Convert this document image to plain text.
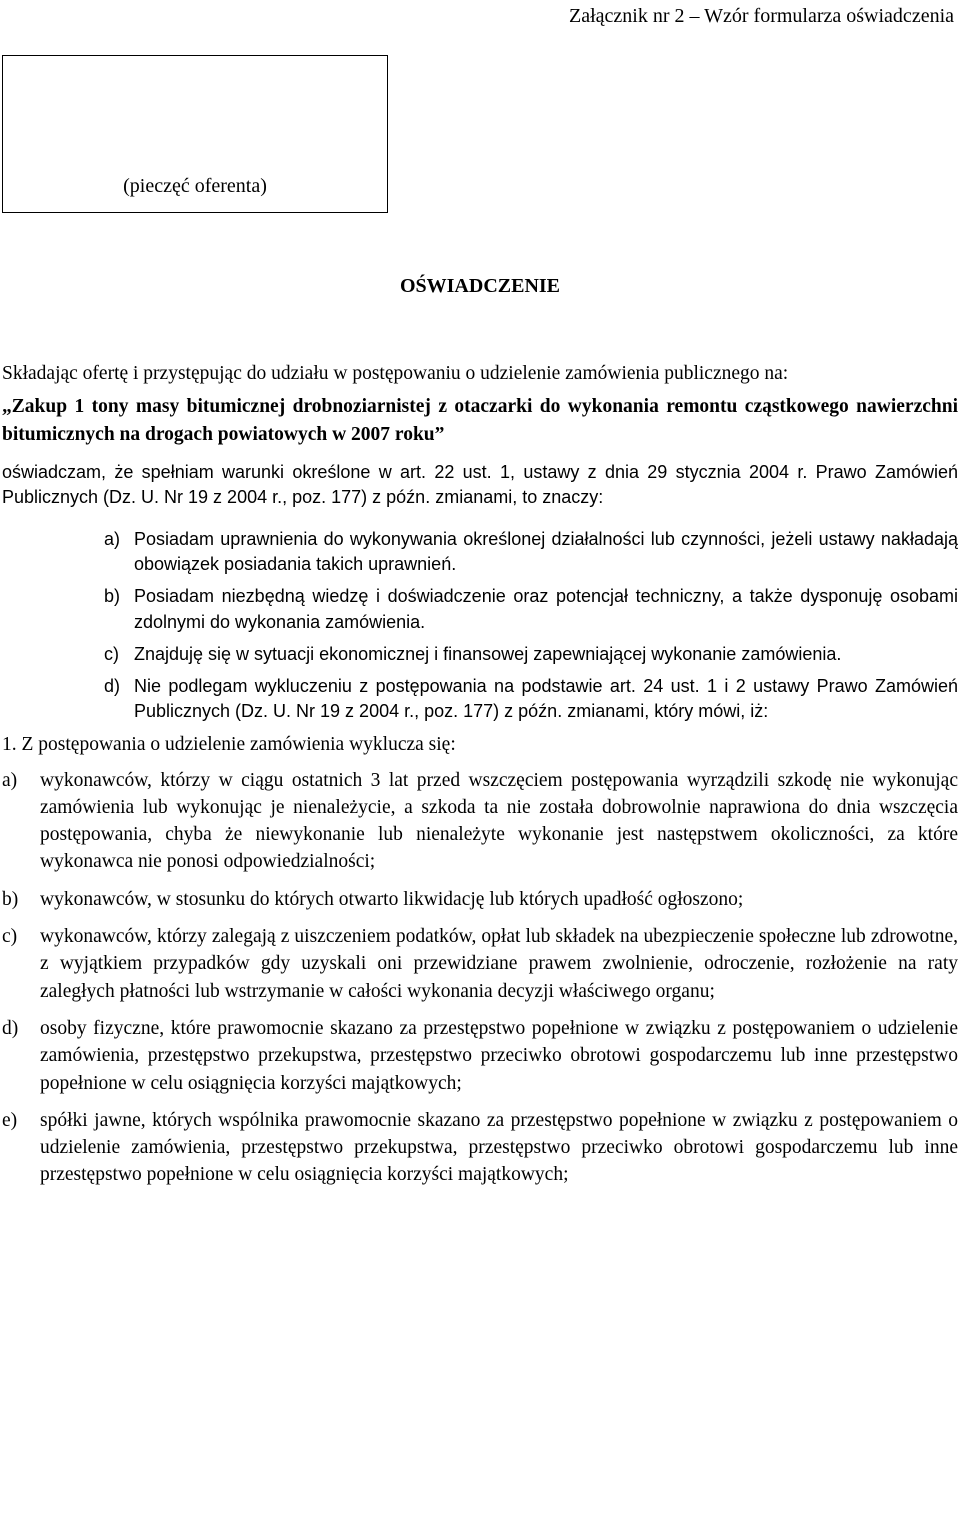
Załącznik nr 2 – Wzór formularza oświadczenia
(pieczęć oferenta)
OŚWIADCZENIE

Składając ofertę i przystępując do udziału w postępowaniu o udzielenie zamówienia publicznego na:

„Zakup 1 tony masy bitumicznej drobnoziarnistej z otaczarki do wykonania remontu cząstkowego nawierzchni bitumicznych na drogach powiatowych w 2007 roku”

oświadczam, że spełniam warunki określone w art. 22 ust. 1, ustawy z dnia 29 stycznia 2004 r. Prawo Zamówień Publicznych (Dz. U. Nr 19 z 2004 r., poz. 177) z późn. zmianami, to znaczy:

a) Posiadam uprawnienia do wykonywania określonej działalności lub czynności, jeżeli ustawy nakładają obowiązek posiadania takich uprawnień.
b) Posiadam niezbędną wiedzę i doświadczenie oraz potencjał techniczny, a także dysponuję osobami zdolnymi do wykonania zamówienia.
c) Znajduję się w sytuacji ekonomicznej i finansowej zapewniającej wykonanie zamówienia.
d) Nie podlegam wykluczeniu z postępowania na podstawie art. 24 ust. 1 i 2 ustawy Prawo Zamówień Publicznych (Dz. U. Nr 19 z 2004 r., poz. 177) z późn. zmianami, który mówi, iż:

1. Z postępowania o udzielenie zamówienia wyklucza się:

a)	wykonawców, którzy w ciągu ostatnich 3 lat przed wszczęciem postępowania wyrządzili szkodę nie wykonując zamówienia lub wykonując je nienależycie, a szkoda ta nie została dobrowolnie naprawiona do dnia wszczęcia postępowania, chyba że niewykonanie lub nienależyte wykonanie jest następstwem okoliczności, za które wykonawca nie ponosi odpowiedzialności;
b)	wykonawców, w stosunku do których otwarto likwidację lub których upadłość ogłoszono;
c)	wykonawców, którzy zalegają z uiszczeniem podatków, opłat lub składek na ubezpieczenie społeczne lub zdrowotne, z wyjątkiem przypadków gdy uzyskali oni przewidziane prawem zwolnienie, odroczenie, rozłożenie na raty zaległych płatności lub wstrzymanie w całości wykonania decyzji właściwego organu;
d)	osoby fizyczne, które prawomocnie skazano za przestępstwo popełnione w związku z postępowaniem o udzielenie zamówienia, przestępstwo przekupstwa, przestępstwo przeciwko obrotowi gospodarczemu lub inne przestępstwo popełnione w celu osiągnięcia korzyści majątkowych;
e)	spółki jawne, których wspólnika prawomocnie skazano za przestępstwo popełnione w związku z postępowaniem o udzielenie zamówienia, przestępstwo przekupstwa, przestępstwo przeciwko obrotowi gospodarczemu lub inne przestępstwo popełnione w celu osiągnięcia korzyści majątkowych;
